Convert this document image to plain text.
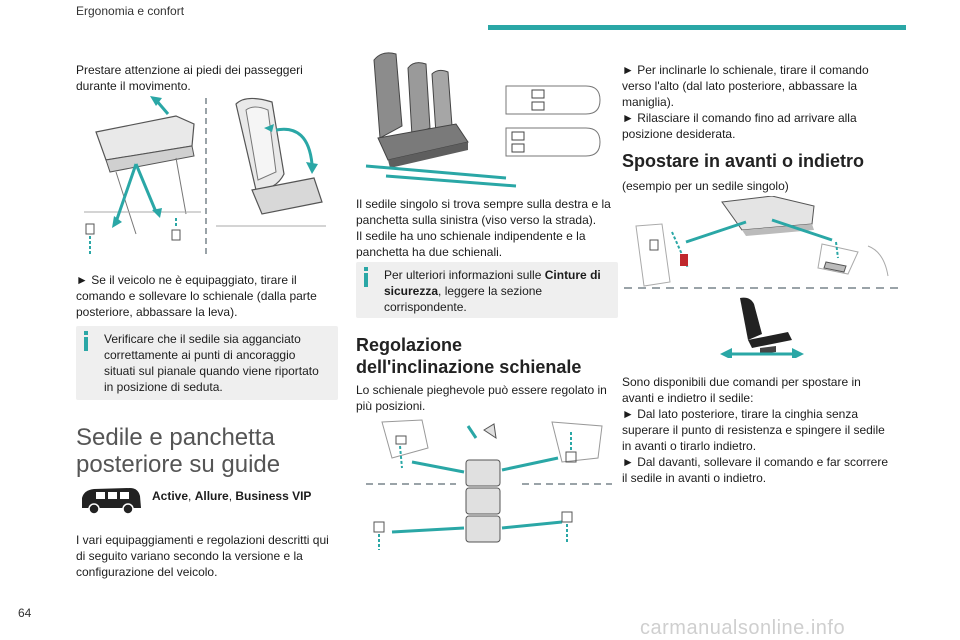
Ergonomia e confort
Prestare attenzione ai piedi dei passeggeri durante il movimento.
► Se il veicolo ne è equipaggiato, tirare il comando e sollevare lo schienale (dalla parte posteriore, abbassare la leva).
Verificare che il sedile sia agganciato correttamente ai punti di ancoraggio situati sul pianale quando viene riportato in posizione di seduta.
Sedile e panchetta
posteriore su guide
Active, Allure, Business VIP
I vari equipaggiamenti e regolazioni descritti qui di seguito variano secondo la versione e la configurazione del veicolo.

Il sedile singolo si trova sempre sulla destra e la panchetta sulla sinistra (viso verso la strada).

Il sedile ha uno schienale indipendente e la panchetta ha due schienali.

Per ulteriori informazioni sulle Cinture di sicurezza, leggere la sezione corrispondente.
Regolazione
dell'inclinazione schienale
Lo schienale pieghevole può essere regolato in più posizioni.

► Per inclinarle lo schienale, tirare il comando verso l'alto (dal lato posteriore, abbassare la maniglia).

► Rilasciare il comando fino ad arrivare alla posizione desiderata.

Spostare in avanti o indietro
(esempio per un sedile singolo)

Sono disponibili due comandi per spostare in avanti e indietro il sedile:

► Dal lato posteriore, tirare la cinghia senza superare il punto di resistenza e spingere il sedile in avanti o tirarlo indietro.

► Dal davanti, sollevare il comando e far scorrere il sedile in avanti o indietro.

64
carmanualsonline.info
